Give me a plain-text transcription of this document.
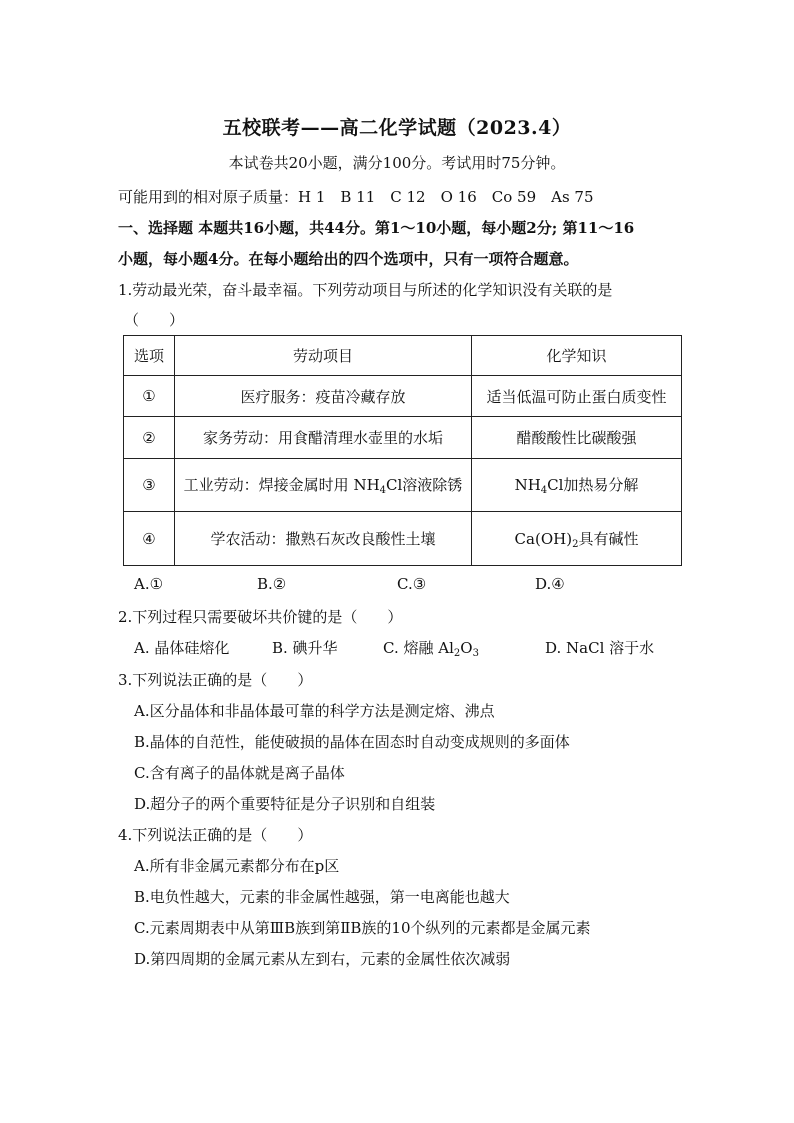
五校联考——高二化学试题（2023.4）
本试卷共20小题，满分100分。考试用时75分钟。
可能用到的相对原子质量：H 1　B 11　C 12　O 16　Co 59　As 75
一、选择题 本题共16小题，共44分。第1～10小题，每小题2分; 第11～16
小题，每小题4分。在每小题给出的四个选项中，只有一项符合题意。
1.劳动最光荣，奋斗最幸福。下列劳动项目与所述的化学知识没有关联的是
（　　）
选项	劳动项目	化学知识
①	医疗服务：疫苗冷藏存放	适当低温可防止蛋白质变性
②	家务劳动：用食醋清理水壶里的水垢	醋酸酸性比碳酸强
③	工业劳动：焊接金属时用 $NH_4Cl$溶液除锈	$NH_4Cl$加热易分解
④	学农活动：撒熟石灰改良酸性土壤	$Ca(OH)_2$具有碱性
A.①	B.②	C.③	D.④
2.下列过程只需要破坏共价键的是（　　）
A. 晶体硅熔化	B. 碘升华	C. 熔融 $Al_2O_3$	D. NaCl 溶于水
3.下列说法正确的是（　　）
A.区分晶体和非晶体最可靠的科学方法是测定熔、沸点
B.晶体的自范性，能使破损的晶体在固态时自动变成规则的多面体
C.含有离子的晶体就是离子晶体
D.超分子的两个重要特征是分子识别和自组装
4.下列说法正确的是（　　）
A.所有非金属元素都分布在p区
B.电负性越大，元素的非金属性越强，第一电离能也越大
C.元素周期表中从第ⅢB族到第ⅡB族的10个纵列的元素都是金属元素
D.第四周期的金属元素从左到右，元素的金属性依次减弱
